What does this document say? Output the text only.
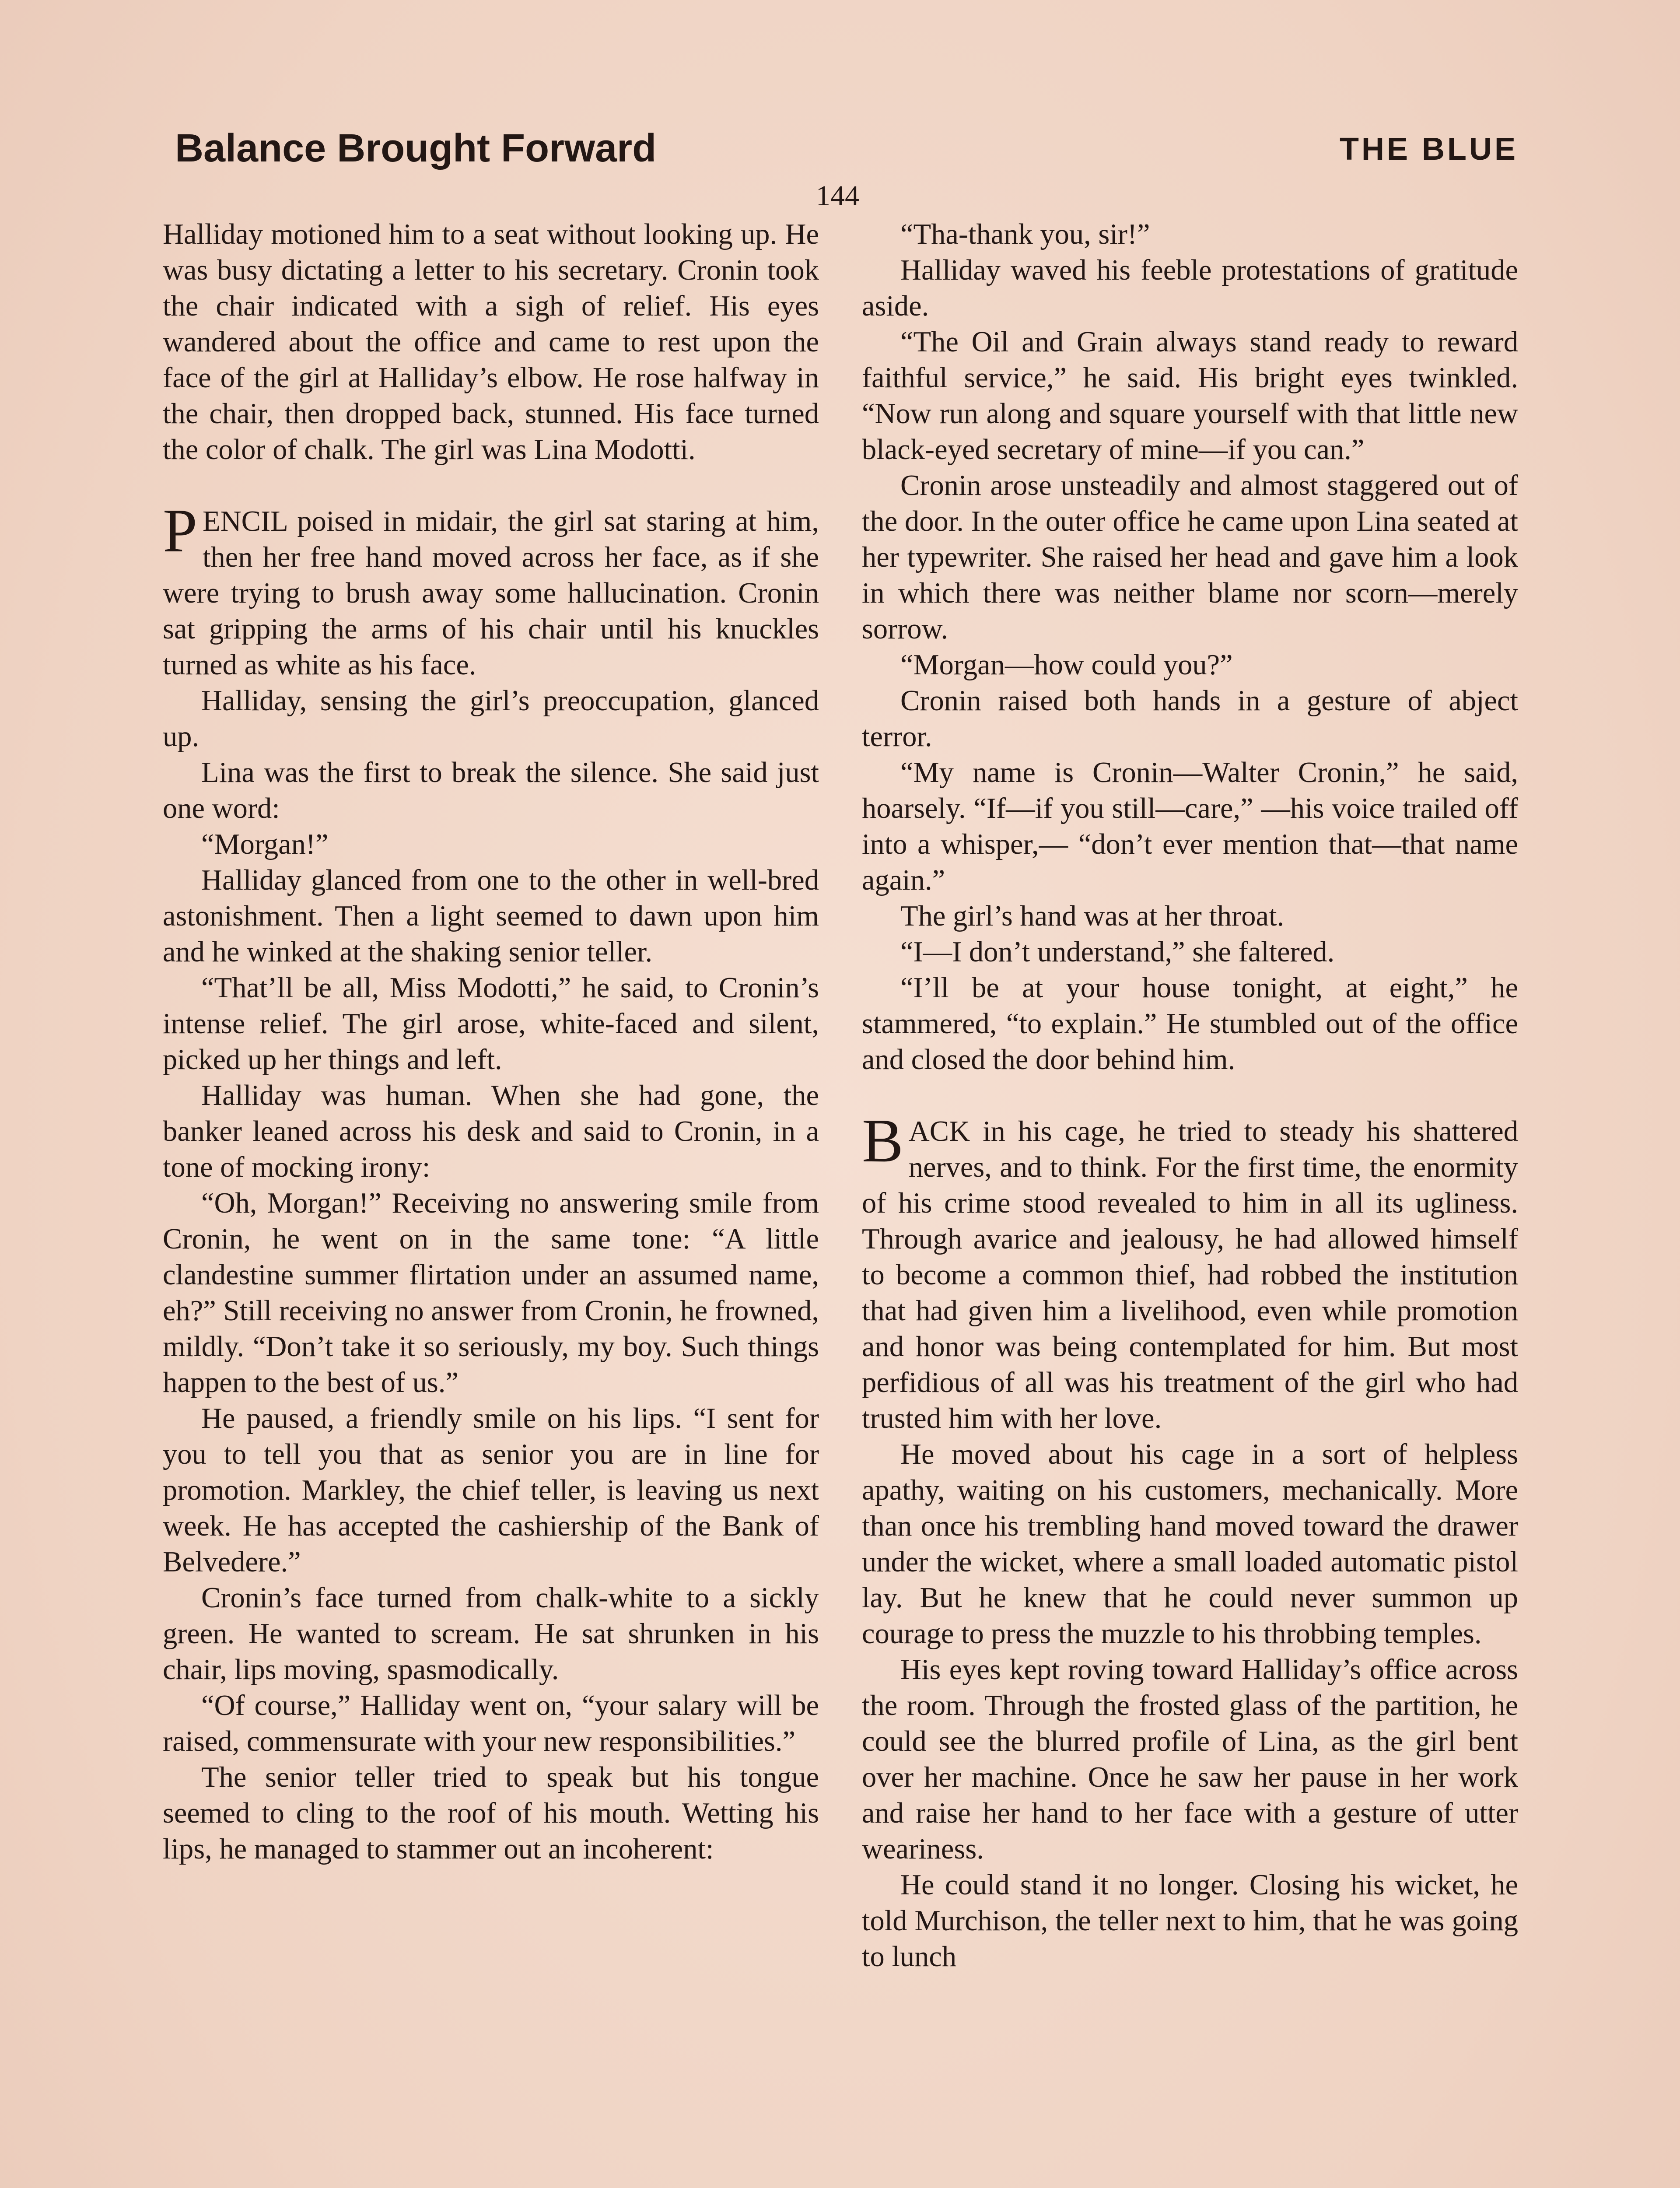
Balance Brought Forward	THE BLUE
144

Halliday motioned him to a seat without looking up. He was busy dictating a letter to his secretary. Cronin took the chair indicated with a sigh of relief. His eyes wandered about the office and came to rest upon the face of the girl at Halliday’s elbow. He rose halfway in the chair, then dropped back, stunned. His face turned the color of chalk. The girl was Lina Modotti.

PENCIL poised in midair, the girl sat staring at him, then her free hand moved across her face, as if she were trying to brush away some hallucination. Cronin sat gripping the arms of his chair until his knuckles turned as white as his face.

Halliday, sensing the girl’s preoccupation, glanced up.

Lina was the first to break the silence. She said just one word:

“Morgan!”

Halliday glanced from one to the other in well-bred astonishment. Then a light seemed to dawn upon him and he winked at the shaking senior teller.

“That’ll be all, Miss Modotti,” he said, to Cronin’s intense relief. The girl arose, white-faced and silent, picked up her things and left.

Halliday was human. When she had gone, the banker leaned across his desk and said to Cronin, in a tone of mocking irony:

“Oh, Morgan!” Receiving no answering smile from Cronin, he went on in the same tone: “A little clandestine summer flirtation under an assumed name, eh?” Still receiving no answer from Cronin, he frowned, mildly. “Don’t take it so seriously, my boy. Such things happen to the best of us.”

He paused, a friendly smile on his lips. “I sent for you to tell you that as senior you are in line for promotion. Markley, the chief teller, is leaving us next week. He has accepted the cashiership of the Bank of Belvedere.”

Cronin’s face turned from chalk-white to a sickly green. He wanted to scream. He sat shrunken in his chair, lips moving, spasmodically.

“Of course,” Halliday went on, “your salary will be raised, commensurate with your new responsibilities.”

The senior teller tried to speak but his tongue seemed to cling to the roof of his mouth. Wetting his lips, he managed to stammer out an incoherent:

“Tha-thank you, sir!”

Halliday waved his feeble protestations of gratitude aside.

“The Oil and Grain always stand ready to reward faithful service,” he said. His bright eyes twinkled. “Now run along and square yourself with that little new black-eyed secretary of mine—if you can.”

Cronin arose unsteadily and almost staggered out of the door. In the outer office he came upon Lina seated at her typewriter. She raised her head and gave him a look in which there was neither blame nor scorn—merely sorrow.

“Morgan—how could you?”

Cronin raised both hands in a gesture of abject terror.

“My name is Cronin—Walter Cronin,” he said, hoarsely. “If—if you still—care,” —his voice trailed off into a whisper,— “don’t ever mention that—that name again.”

The girl’s hand was at her throat.

“I—I don’t understand,” she faltered.

“I’ll be at your house tonight, at eight,” he stammered, “to explain.” He stumbled out of the office and closed the door behind him.

BACK in his cage, he tried to steady his shattered nerves, and to think. For the first time, the enormity of his crime stood revealed to him in all its ugliness. Through avarice and jealousy, he had allowed himself to become a common thief, had robbed the institution that had given him a livelihood, even while promotion and honor was being contemplated for him. But most perfidious of all was his treatment of the girl who had trusted him with her love.

He moved about his cage in a sort of helpless apathy, waiting on his customers, mechanically. More than once his trembling hand moved toward the drawer under the wicket, where a small loaded automatic pistol lay. But he knew that he could never summon up courage to press the muzzle to his throbbing temples.

His eyes kept roving toward Halliday’s office across the room. Through the frosted glass of the partition, he could see the blurred profile of Lina, as the girl bent over her machine. Once he saw her pause in her work and raise her hand to her face with a gesture of utter weariness.

He could stand it no longer. Closing his wicket, he told Murchison, the teller next to him, that he was going to lunch
